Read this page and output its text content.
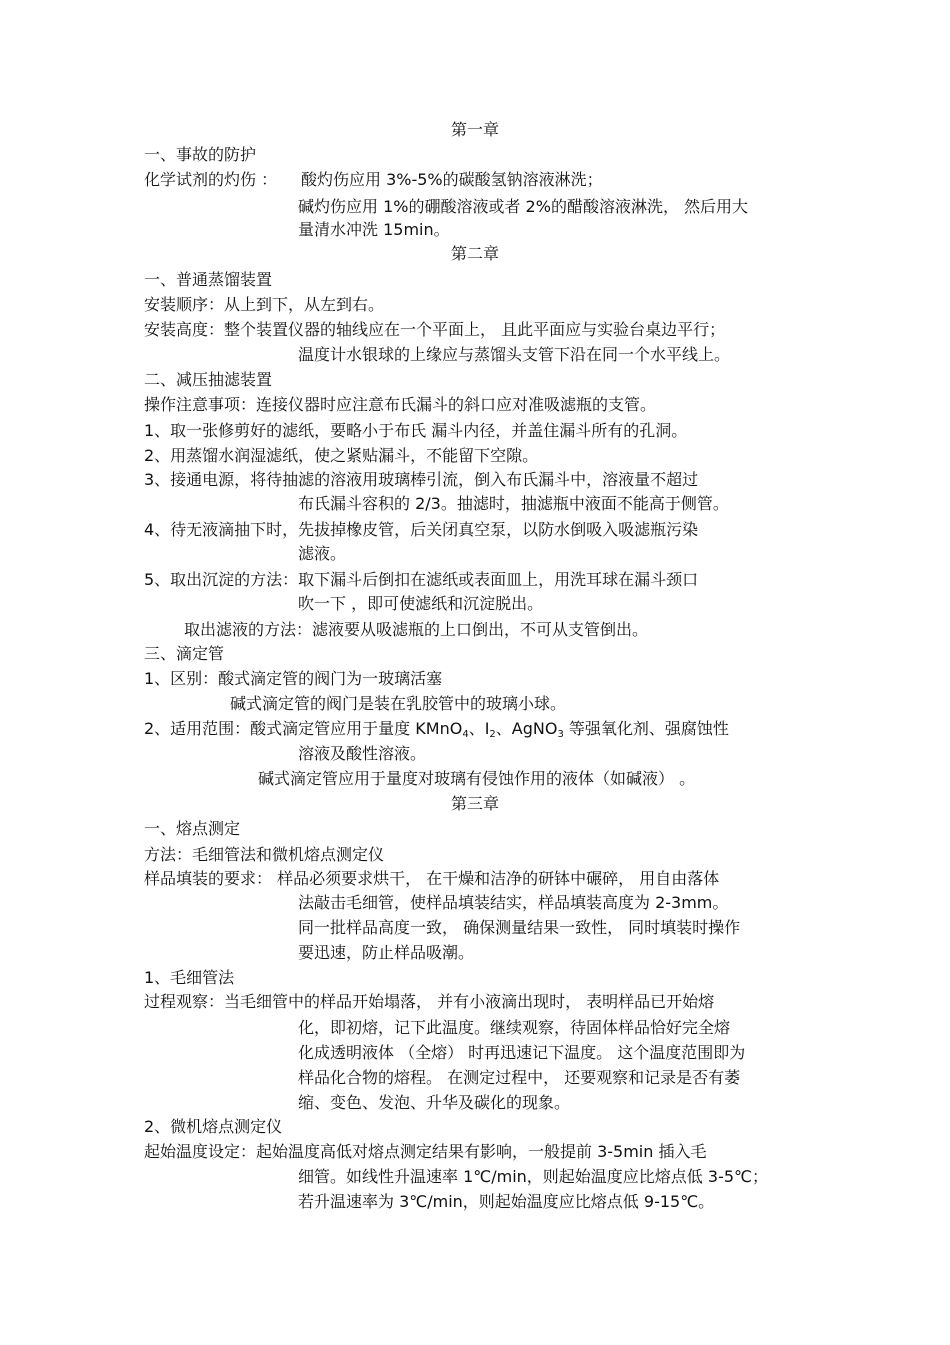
第一章
一、事故的防护
化学试剂的灼伤 ： 酸灼伤应用 3%-5%的碳酸氢钠溶液淋洗；
碱灼伤应用 1%的硼酸溶液或者 2%的醋酸溶液淋洗， 然后用大
量清水冲洗 15min。
第二章
一、普通蒸馏装置
安装顺序：从上到下，从左到右。
安装高度：整个装置仪器的轴线应在一个平面上， 且此平面应与实验台桌边平行；
温度计水银球的上缘应与蒸馏头支管下沿在同一个水平线上。
二、减压抽滤装置
操作注意事项：连接仪器时应注意布氏漏斗的斜口应对准吸滤瓶的支管。
1、取一张修剪好的滤纸，要略小于布氏 漏斗内径，并盖住漏斗所有的孔洞。
2、用蒸馏水润湿滤纸，使之紧贴漏斗，不能留下空隙。
3、接通电源，将待抽滤的溶液用玻璃棒引流，倒入布氏漏斗中，溶液量不超过
布氏漏斗容积的 2/3。抽滤时，抽滤瓶中液面不能高于侧管。
4、待无液滴抽下时，先拔掉橡皮管，后关闭真空泵，以防水倒吸入吸滤瓶污染
滤液。
5、取出沉淀的方法：取下漏斗后倒扣在滤纸或表面皿上，用洗耳球在漏斗颈口
吹一下 ，即可使滤纸和沉淀脱出。
取出滤液的方法：滤液要从吸滤瓶的上口倒出，不可从支管倒出。
三、滴定管
1、区别：酸式滴定管的阀门为一玻璃活塞
碱式滴定管的阀门是装在乳胶管中的玻璃小球。
2、适用范围：酸式滴定管应用于量度 KMnO$_4$、$I_2$、AgNO$_3$ 等强氧化剂、强腐蚀性
溶液及酸性溶液。
碱式滴定管应用于量度对玻璃有侵蚀作用的液体（如碱液） 。
第三章
一、熔点测定
方法：毛细管法和微机熔点测定仪
样品填装的要求： 样品必须要求烘干， 在干燥和洁净的研钵中碾碎， 用自由落体
法敲击毛细管，使样品填装结实，样品填装高度为 2-3mm。
同一批样品高度一致， 确保测量结果一致性， 同时填装时操作
要迅速，防止样品吸潮。
1、毛细管法
过程观察：当毛细管中的样品开始塌落， 并有小液滴出现时， 表明样品已开始熔
化，即初熔，记下此温度。继续观察，待固体样品恰好完全熔
化成透明液体 （全熔） 时再迅速记下温度。 这个温度范围即为
样品化合物的熔程。 在测定过程中， 还要观察和记录是否有萎
缩、变色、发泡、升华及碳化的现象。
2、微机熔点测定仪
起始温度设定：起始温度高低对熔点测定结果有影响，一般提前 3-5min 插入毛
细管。如线性升温速率 1℃/min，则起始温度应比熔点低 3-5℃；
若升温速率为 3℃/min，则起始温度应比熔点低 9-15℃。
